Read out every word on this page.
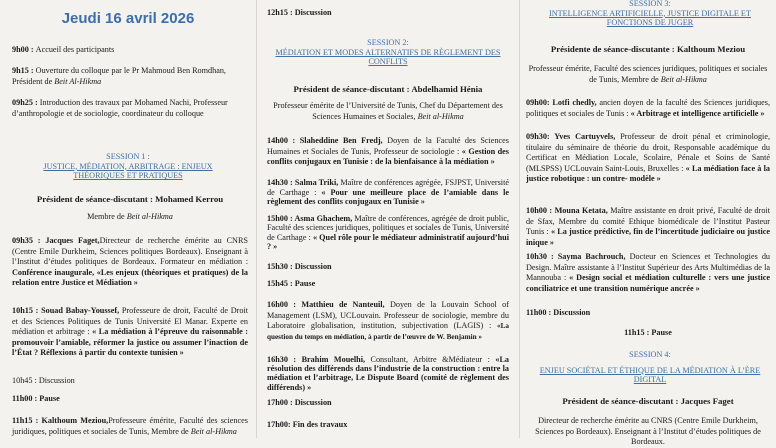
Jeudi 16 avril 2026

9h00 : Accueil des participants

9h15 : Ouverture du colloque par le Pr Mahmoud Ben Romdhan, Président de Beit Al-Hikma

09h25 : Introduction des travaux par Mohamed Nachi, Professeur d’anthropologie et de sociologie, coordinateur du colloque

SESSION 1 :
JUSTICE, MÉDIATION, ARBITRAGE : ENJEUX THÉORIQUES ET PRATIQUES
Président de séance-discutant : Mohamed Kerrou
Membre de Beit al-Hikma

09h35 : Jacques Faget,Directeur de recherche émérite au CNRS (Centre Emile Durkheim, Sciences politiques Bordeaux). Enseignant à l’Institut d’études politiques de Bordeaux. Formateur en médiation : Conférence inaugurale, «Les enjeux (théoriques et pratiques) de la relation entre Justice et Médiation »

10h15 : Souad Babay-Youssef, Professeure de droit, Faculté de Droit et des Sciences Politiques de Tunis Université El Manar. Experte en médiation et arbitrage : « La médiation à l’épreuve du raisonnable : promouvoir l’amiable, réformer la justice ou assumer l’inaction de l’État ? Réflexions à partir du contexte tunisien »

10h45 : Discussion

11h00 : Pause

11h15 : Kalthoum Meziou,Professeure émérite, Faculté des sciences juridiques, politiques et sociales de Tunis, Membre de Beit al-Hikma

12h15 : Discussion

SESSION 2:
MÉDIATION ET MODES ALTERNATIFS DE RÈGLEMENT DES CONFLITS
Président de séance-discutant : Abdelhamid Hénia
Professeur émérite de l’Université de Tunis, Chef du Département des Sciences Humaines et Sociales, Beit al-Hikma

14h00 : Slaheddine Ben Fredj, Doyen de la Faculté des Sciences Humaines et Sociales de Tunis, Professeur de sociologie : « Gestion des conflits conjugaux en Tunisie : de la bienfaisance à la médiation »

14h30 : Salma Triki, Maître de conférences agrégée, FSJPST, Université de Carthage : « Pour une meilleure place de l’amiable dans le règlement des conflits conjugaux en Tunisie »

15h00 : Asma Ghachem, Maître de conférences, agrégée de droit public, Faculté des sciences juridiques, politiques et sociales de Tunis, Université de Carthage : « Quel rôle pour le médiateur administratif aujourd’hui ? »

15h30 : Discussion

15h45 : Pause

16h00 : Matthieu de Nanteuil, Doyen de la Louvain School of Management (LSM), UCLouvain. Professeur de sociologie, membre du Laboratoire globalisation, institution, subjectivation (LAGIS) : «La question du temps en médiation, à partir de l’œuvre de W. Benjamin »

16h30 : Brahim Mouelhi, Consultant, Arbitre &Médiateur : «La résolution des différends dans l’industrie de la construction : entre la médiation et l’arbitrage, Le Dispute Board (comité de règlement des différends) »

17h00 : Discussion

17h00: Fin des travaux

SESSION 3:
INTELLIGENCE ARTIFICIELLE, JUSTICE DIGITALE ET FONCTIONS DE JUGER
Présidente de séance-discutante : Kalthoum Meziou
Professeur émérite, Faculté des sciences juridiques, politiques et sociales de Tunis, Membre de Beit al-Hikma

09h00: Lotfi chedly, ancien doyen de la faculté des Sciences juridiques, politiques et sociales de Tunis : « Arbitrage et intelligence artificielle »

09h30: Yves Cartuyvels, Professeur de droit pénal et criminologie, titulaire du séminaire de théorie du droit, Responsable académique du Certificat en Médiation Locale, Scolaire, Pénale et Soins de Santé (MLSPSS) UCLouvain Saint-Louis, Bruxelles : « La médiation face à la justice robotique : un contre- modèle »

10h00 : Mouna Ketata, Maître assistante en droit privé, Faculté de droit de Sfax, Membre du comité Ethique biomédicale de l’Institut Pasteur Tunis : « La justice prédictive, fin de l’incertitude judiciaire ou justice inique »

10h30 : Sayma Bachrouch, Docteur en Sciences et Technologies du Design. Maître assistante à l’Institut Supérieur des Arts Multimédias de la Mannouba : « Design social et médiation culturelle : vers une justice conciliatrice et une transition numérique ancrée »

11h00 : Discussion

11h15 : Pause

SESSION 4:
ENJEU SOCIÉTAL ET ÉTHIQUE DE LA MÉDIATION À L’ÈRE DIGITAL
Président de séance-discutant : Jacques Faget
Directeur de recherche émérite au CNRS (Centre Emile Durkheim, Sciences po Bordeaux). Enseignant à l’Institut d’études politiques de Bordeaux.
